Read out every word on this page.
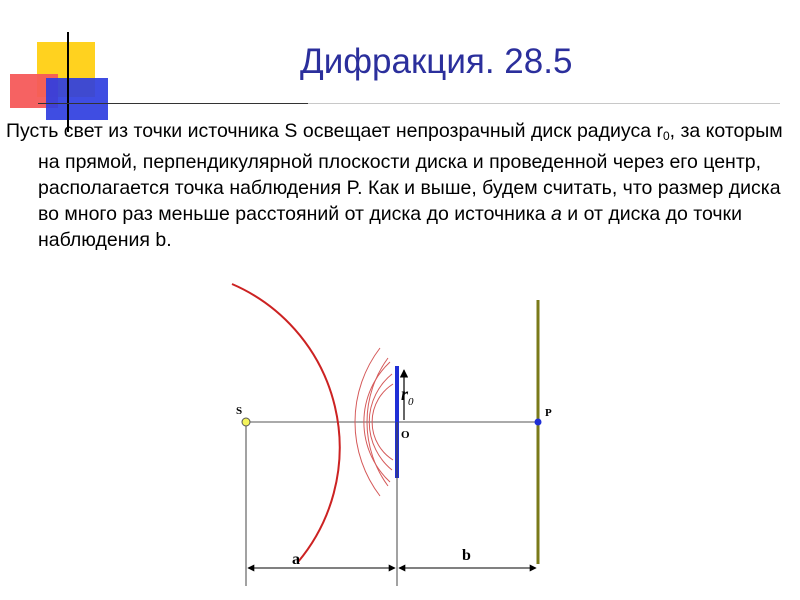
Дифракция. 28.5
Пусть свет из точки источника S освещает непрозрачный диск радиуса $r_0$, за которым на прямой, перпендикулярной плоскости диска и проведенной через его центр, располагается точка наблюдения P. Как и выше, будем считать, что размер диска во много раз меньше расстояний от диска до источника a и от диска до точки наблюдения b.
S	P
O
$r_0$
a	b
